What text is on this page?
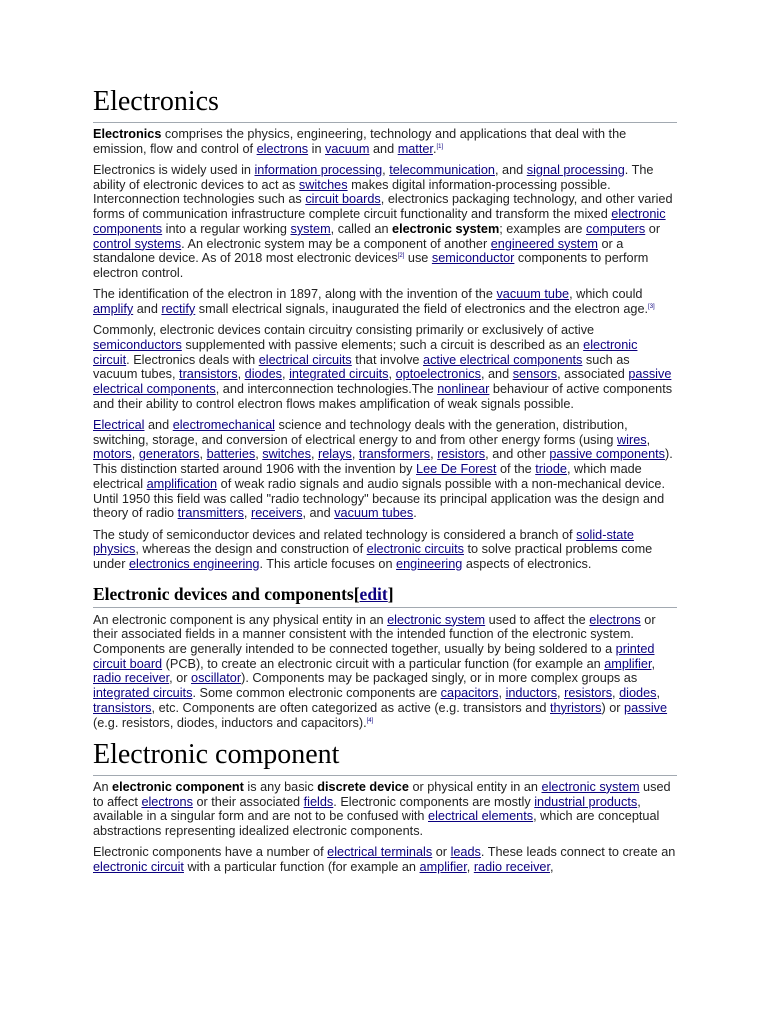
Electronics

Electronics comprises the physics, engineering, technology and applications that deal with the emission, flow and control of electrons in vacuum and matter.[1]

Electronics is widely used in information processing, telecommunication, and signal processing. The ability of electronic devices to act as switches makes digital information-processing possible. Interconnection technologies such as circuit boards, electronics packaging technology, and other varied forms of communication infrastructure complete circuit functionality and transform the mixed electronic components into a regular working system, called an electronic system; examples are computers or control systems. An electronic system may be a component of another engineered system or a standalone device. As of 2018 most electronic devices[2] use semiconductor components to perform electron control.

The identification of the electron in 1897, along with the invention of the vacuum tube, which could amplify and rectify small electrical signals, inaugurated the field of electronics and the electron age.[3]

Commonly, electronic devices contain circuitry consisting primarily or exclusively of active semiconductors supplemented with passive elements; such a circuit is described as an electronic circuit. Electronics deals with electrical circuits that involve active electrical components such as vacuum tubes, transistors, diodes, integrated circuits, optoelectronics, and sensors, associated passive electrical components, and interconnection technologies.The nonlinear behaviour of active components and their ability to control electron flows makes amplification of weak signals possible.

Electrical and electromechanical science and technology deals with the generation, distribution, switching, storage, and conversion of electrical energy to and from other energy forms (using wires, motors, generators, batteries, switches, relays, transformers, resistors, and other passive components). This distinction started around 1906 with the invention by Lee De Forest of the triode, which made electrical amplification of weak radio signals and audio signals possible with a non-mechanical device. Until 1950 this field was called "radio technology" because its principal application was the design and theory of radio transmitters, receivers, and vacuum tubes.

The study of semiconductor devices and related technology is considered a branch of solid-state physics, whereas the design and construction of electronic circuits to solve practical problems come under electronics engineering. This article focuses on engineering aspects of electronics.

Electronic devices and components[edit]

An electronic component is any physical entity in an electronic system used to affect the electrons or their associated fields in a manner consistent with the intended function of the electronic system. Components are generally intended to be connected together, usually by being soldered to a printed circuit board (PCB), to create an electronic circuit with a particular function (for example an amplifier, radio receiver, or oscillator). Components may be packaged singly, or in more complex groups as integrated circuits. Some common electronic components are capacitors, inductors, resistors, diodes, transistors, etc. Components are often categorized as active (e.g. transistors and thyristors) or passive (e.g. resistors, diodes, inductors and capacitors).[4]

Electronic component

An electronic component is any basic discrete device or physical entity in an electronic system used to affect electrons or their associated fields. Electronic components are mostly industrial products, available in a singular form and are not to be confused with electrical elements, which are conceptual abstractions representing idealized electronic components.

Electronic components have a number of electrical terminals or leads. These leads connect to create an electronic circuit with a particular function (for example an amplifier, radio receiver,
